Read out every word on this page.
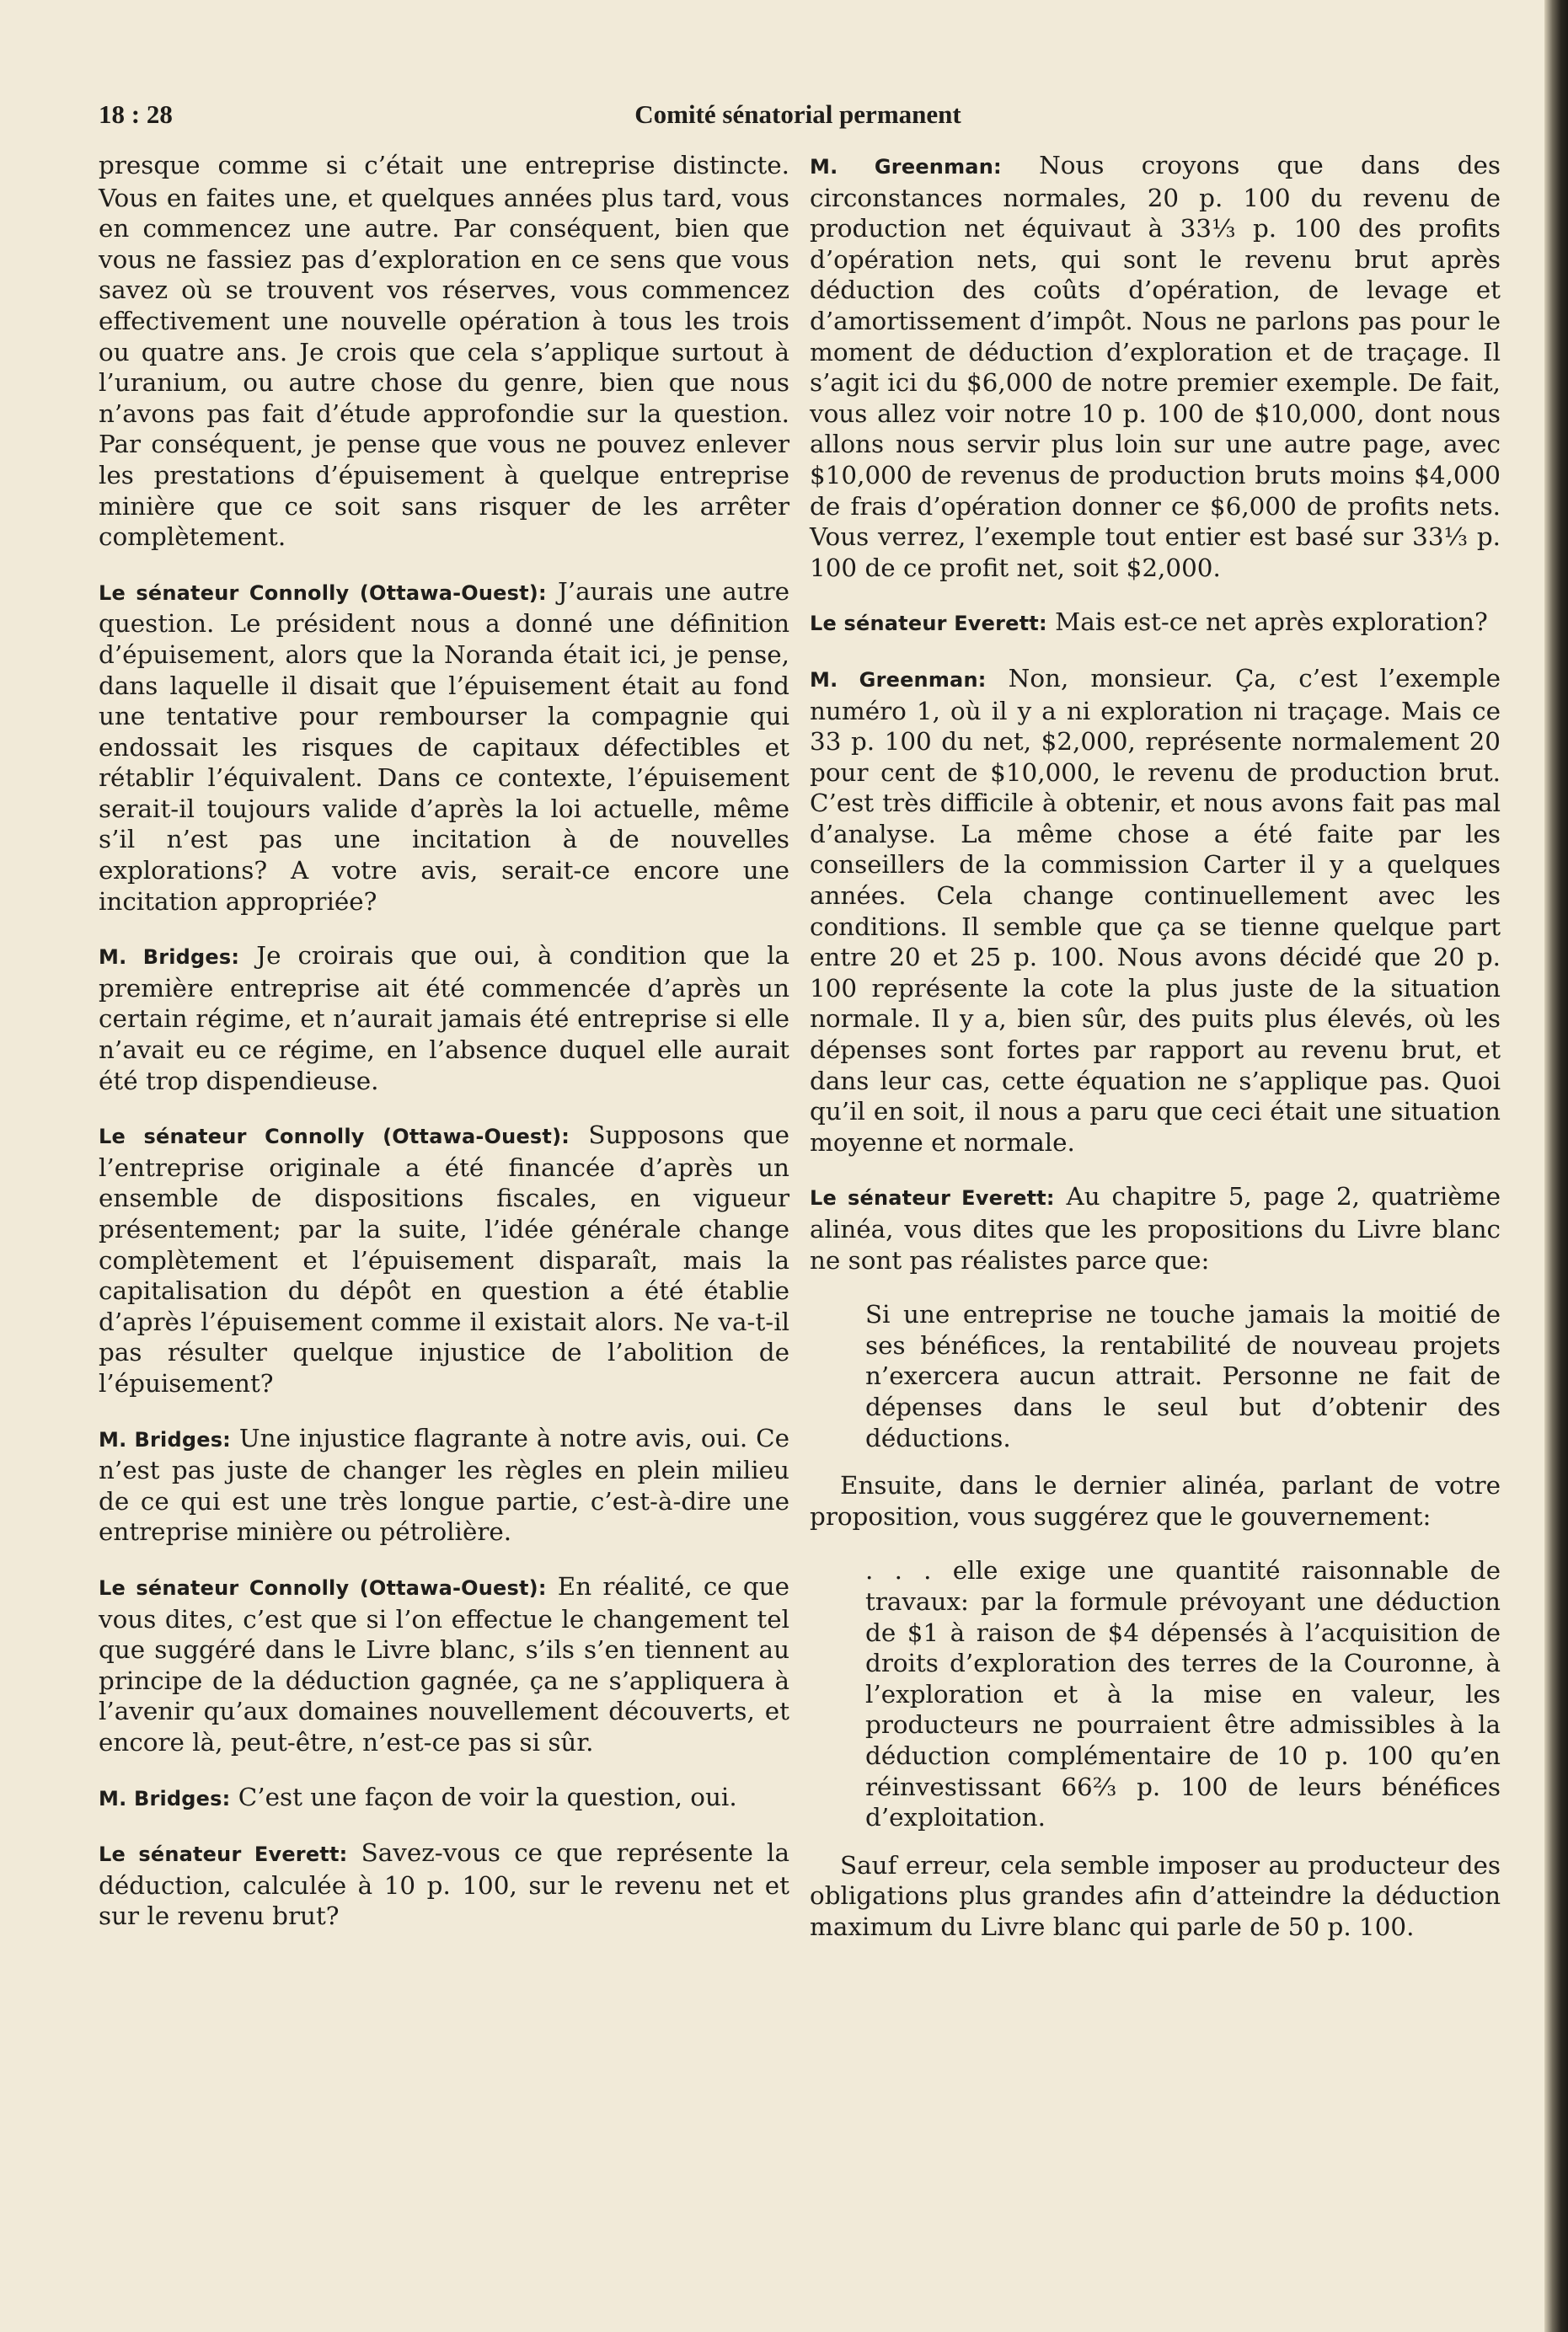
18 : 28	Comité sénatorial permanent

presque comme si c’était une entreprise distincte. Vous en faites une, et quelques années plus tard, vous en commencez une autre. Par conséquent, bien que vous ne fassiez pas d’exploration en ce sens que vous savez où se trouvent vos réserves, vous commencez effectivement une nouvelle opération à tous les trois ou quatre ans. Je crois que cela s’applique surtout à l’uranium, ou autre chose du genre, bien que nous n’avons pas fait d’étude approfondie sur la question. Par conséquent, je pense que vous ne pouvez enlever les prestations d’épuisement à quelque entreprise minière que ce soit sans risquer de les arrêter complètement.

Le sénateur Connolly (Ottawa-Ouest): J’aurais une autre question. Le président nous a donné une définition d’épuisement, alors que la Noranda était ici, je pense, dans laquelle il disait que l’épuisement était au fond une tentative pour rembourser la compagnie qui endossait les risques de capitaux défectibles et rétablir l’équivalent. Dans ce contexte, l’épuisement serait-il toujours valide d’après la loi actuelle, même s’il n’est pas une incitation à de nouvelles explorations? A votre avis, serait-ce encore une incitation appropriée?

M. Bridges: Je croirais que oui, à condition que la première entreprise ait été commencée d’après un certain régime, et n’aurait jamais été entreprise si elle n’avait eu ce régime, en l’absence duquel elle aurait été trop dispendieuse.

Le sénateur Connolly (Ottawa-Ouest): Supposons que l’entreprise originale a été financée d’après un ensemble de dispositions fiscales, en vigueur présentement; par la suite, l’idée générale change complètement et l’épuisement disparaît, mais la capitalisation du dépôt en question a été établie d’après l’épuisement comme il existait alors. Ne va-t-il pas résulter quelque injustice de l’abolition de l’épuisement?

M. Bridges: Une injustice flagrante à notre avis, oui. Ce n’est pas juste de changer les règles en plein milieu de ce qui est une très longue partie, c’est-à-dire une entreprise minière ou pétrolière.

Le sénateur Connolly (Ottawa-Ouest): En réalité, ce que vous dites, c’est que si l’on effectue le changement tel que suggéré dans le Livre blanc, s’ils s’en tiennent au principe de la déduction gagnée, ça ne s’appliquera à l’avenir qu’aux domaines nouvellement découverts, et encore là, peut-être, n’est-ce pas si sûr.

M. Bridges: C’est une façon de voir la question, oui.

Le sénateur Everett: Savez-vous ce que représente la déduction, calculée à 10 p. 100, sur le revenu net et sur le revenu brut?

M. Greenman: Nous croyons que dans des circonstances normales, 20 p. 100 du revenu de production net équivaut à 33⅓ p. 100 des profits d’opération nets, qui sont le revenu brut après déduction des coûts d’opération, de levage et d’amortissement d’impôt. Nous ne parlons pas pour le moment de déduction d’exploration et de traçage. Il s’agit ici du $6,000 de notre premier exemple. De fait, vous allez voir notre 10 p. 100 de $10,000, dont nous allons nous servir plus loin sur une autre page, avec $10,000 de revenus de production bruts moins $4,000 de frais d’opération donner ce $6,000 de profits nets. Vous verrez, l’exemple tout entier est basé sur 33⅓ p. 100 de ce profit net, soit $2,000.

Le sénateur Everett: Mais est-ce net après exploration?

M. Greenman: Non, monsieur. Ça, c’est l’exemple numéro 1, où il y a ni exploration ni traçage. Mais ce 33 p. 100 du net, $2,000, représente normalement 20 pour cent de $10,000, le revenu de production brut. C’est très difficile à obtenir, et nous avons fait pas mal d’analyse. La même chose a été faite par les conseillers de la commission Carter il y a quelques années. Cela change continuellement avec les conditions. Il semble que ça se tienne quelque part entre 20 et 25 p. 100. Nous avons décidé que 20 p. 100 représente la cote la plus juste de la situation normale. Il y a, bien sûr, des puits plus élevés, où les dépenses sont fortes par rapport au revenu brut, et dans leur cas, cette équation ne s’applique pas. Quoi qu’il en soit, il nous a paru que ceci était une situation moyenne et normale.

Le sénateur Everett: Au chapitre 5, page 2, quatrième alinéa, vous dites que les propositions du Livre blanc ne sont pas réalistes parce que:

Si une entreprise ne touche jamais la moitié de ses bénéfices, la rentabilité de nouveau projets n’exercera aucun attrait. Personne ne fait de dépenses dans le seul but d’obtenir des déductions.

Ensuite, dans le dernier alinéa, parlant de votre proposition, vous suggérez que le gouvernement:

. . . elle exige une quantité raisonnable de travaux: par la formule prévoyant une déduction de $1 à raison de $4 dépensés à l’acquisition de droits d’exploration des terres de la Couronne, à l’exploration et à la mise en valeur, les producteurs ne pourraient être admissibles à la déduction complémentaire de 10 p. 100 qu’en réinvestissant 66⅔ p. 100 de leurs bénéfices d’exploitation.

Sauf erreur, cela semble imposer au producteur des obligations plus grandes afin d’atteindre la déduction maximum du Livre blanc qui parle de 50 p. 100.
